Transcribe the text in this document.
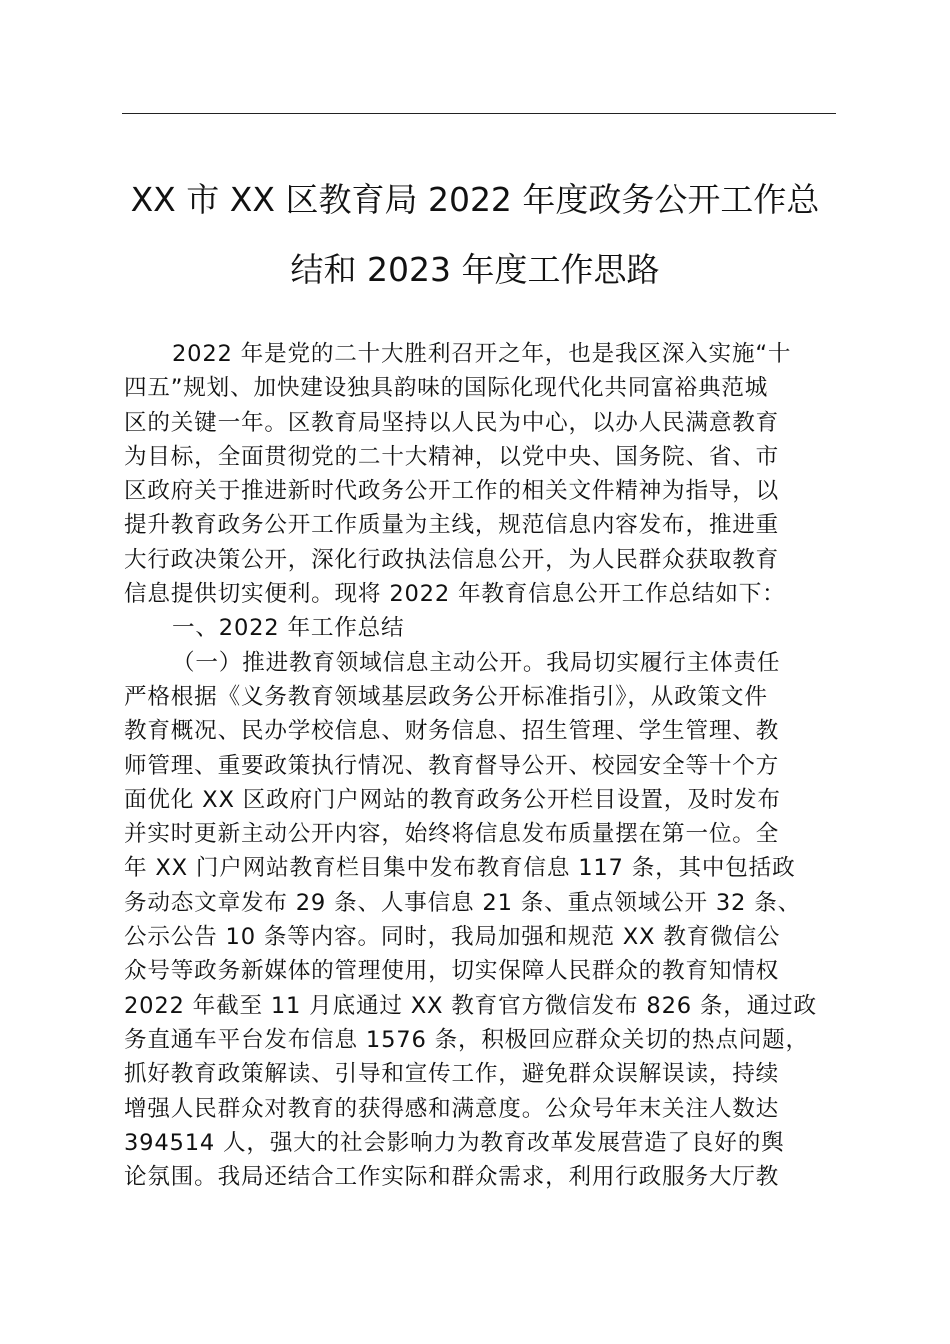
XX 市 XX 区教育局 2022 年度政务公开工作总
结和 2023 年度工作思路
2022 年是党的二十大胜利召开之年，也是我区深入实施“十
四五”规划、加快建设独具韵味的国际化现代化共同富裕典范城
区的关键一年。区教育局坚持以人民为中心，以办人民满意教育
为目标，全面贯彻党的二十大精神，以党中央、国务院、省、市
区政府关于推进新时代政务公开工作的相关文件精神为指导，以
提升教育政务公开工作质量为主线，规范信息内容发布，推进重
大行政决策公开，深化行政执法信息公开，为人民群众获取教育
信息提供切实便利。现将 2022 年教育信息公开工作总结如下：
一、2022 年工作总结
（一）推进教育领域信息主动公开。我局切实履行主体责任
严格根据《义务教育领域基层政务公开标准指引》，从政策文件
教育概况、民办学校信息、财务信息、招生管理、学生管理、教
师管理、重要政策执行情况、教育督导公开、校园安全等十个方
面优化 XX 区政府门户网站的教育政务公开栏目设置，及时发布
并实时更新主动公开内容，始终将信息发布质量摆在第一位。全
年 XX 门户网站教育栏目集中发布教育信息 117 条，其中包括政
务动态文章发布 29 条、人事信息 21 条、重点领域公开 32 条、
公示公告 10 条等内容。同时，我局加强和规范 XX 教育微信公
众号等政务新媒体的管理使用，切实保障人民群众的教育知情权
2022 年截至 11 月底通过 XX 教育官方微信发布 826 条，通过政
务直通车平台发布信息 1576 条，积极回应群众关切的热点问题，
抓好教育政策解读、引导和宣传工作，避免群众误解误读，持续
增强人民群众对教育的获得感和满意度。公众号年末关注人数达
394514 人，强大的社会影响力为教育改革发展营造了良好的舆
论氛围。我局还结合工作实际和群众需求，利用行政服务大厅教
